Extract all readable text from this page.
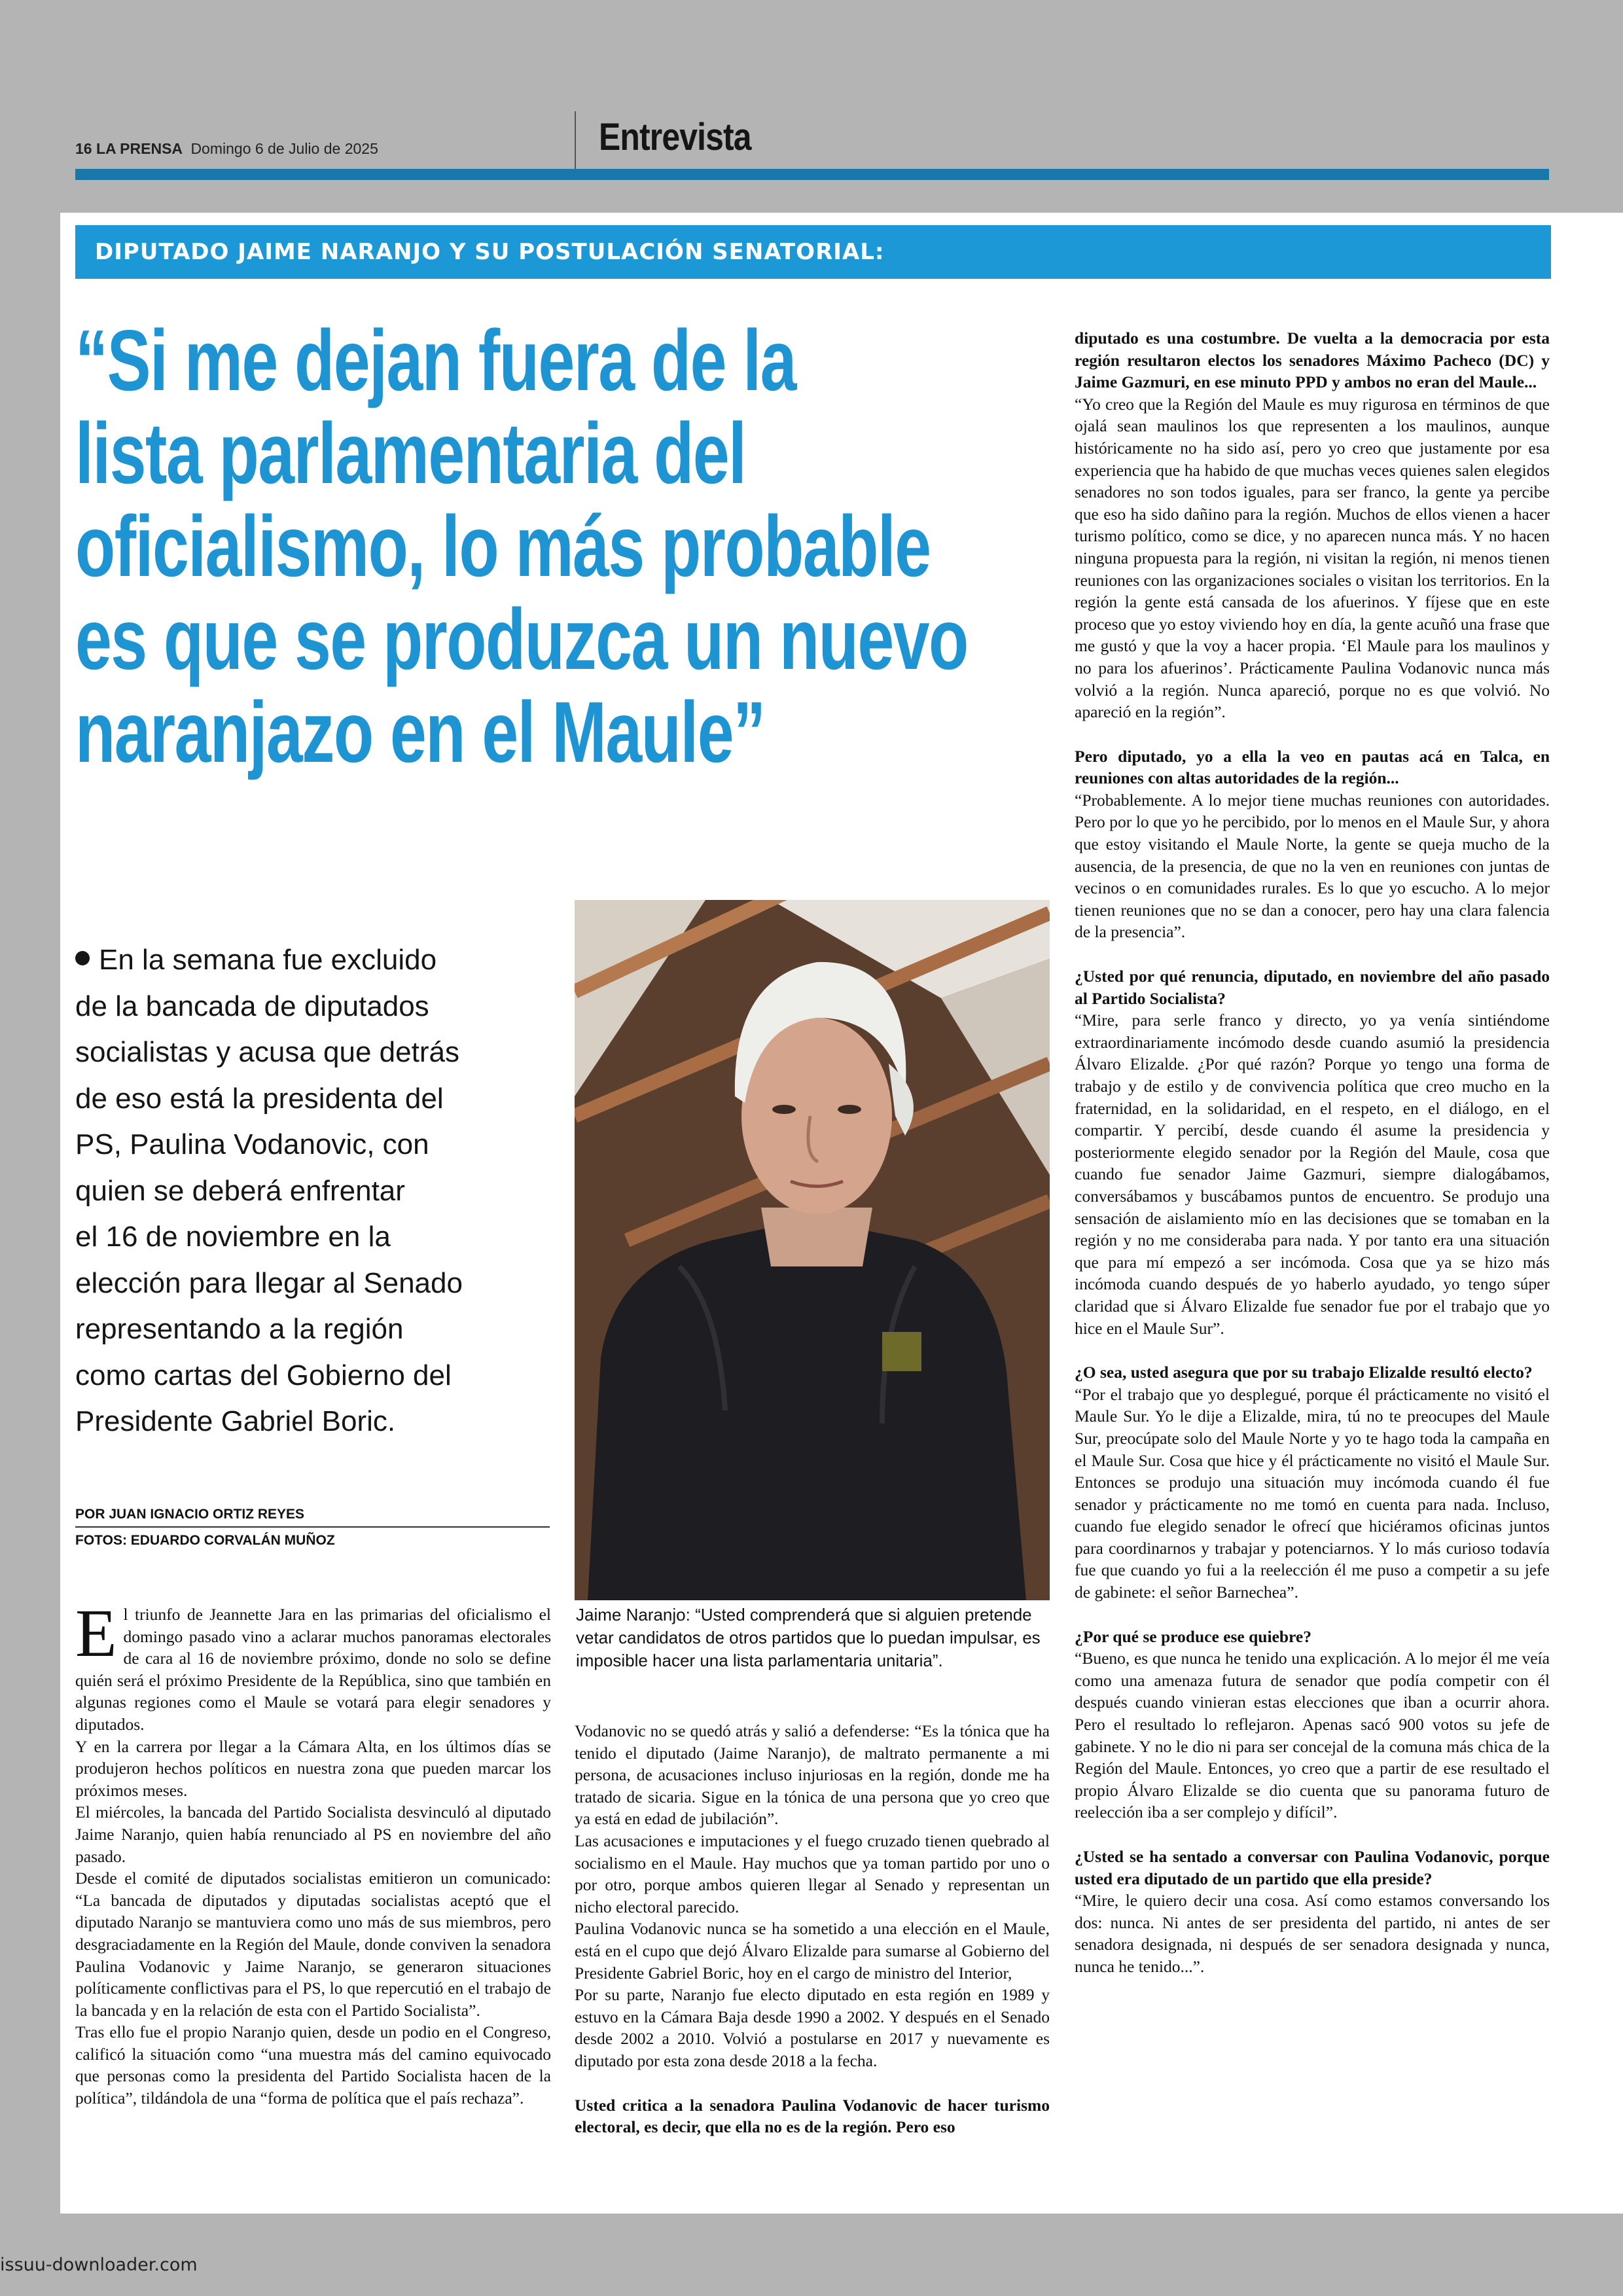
16 LA PRENSA Domingo 6 de Julio de 2025	Entrevista
DIPUTADO JAIME NARANJO Y SU POSTULACIÓN SENATORIAL:
“Si me dejan fuera de la
lista parlamentaria del
oficialismo, lo más probable
es que se produzca un nuevo
naranjazo en el Maule”
En la semana fue excluido
de la bancada de diputados
socialistas y acusa que detrás
de eso está la presidenta del
PS, Paulina Vodanovic, con
quien se deberá enfrentar
el 16 de noviembre en la
elección para llegar al Senado
representando a la región
como cartas del Gobierno del
Presidente Gabriel Boric.
POR JUAN IGNACIO ORTIZ REYES
FOTOS: EDUARDO CORVALÁN MUÑOZ
Jaime Naranjo: “Usted comprenderá que si alguien pretende vetar candidatos de otros partidos que lo puedan impulsar, es imposible hacer una lista parlamentaria unitaria”.

El triunfo de Jeannette Jara en las primarias del oficialismo el domingo pasado vino a aclarar muchos panoramas electorales de cara al 16 de noviembre próximo, donde no solo se define quién será el próximo Presidente de la República, sino que también en algunas regiones como el Maule se votará para elegir senadores y diputados.

Y en la carrera por llegar a la Cámara Alta, en los últimos días se produjeron hechos políticos en nuestra zona que pueden marcar los próximos meses.

El miércoles, la bancada del Partido Socialista desvinculó al diputado Jaime Naranjo, quien había renunciado al PS en noviembre del año pasado.

Desde el comité de diputados socialistas emitieron un comunicado: “La bancada de diputados y diputadas socialistas aceptó que el diputado Naranjo se mantuviera como uno más de sus miembros, pero desgraciadamente en la Región del Maule, donde conviven la senadora Paulina Vodanovic y Jaime Naranjo, se generaron situaciones políticamente conflictivas para el PS, lo que repercutió en el trabajo de la bancada y en la relación de esta con el Partido Socialista”.

Tras ello fue el propio Naranjo quien, desde un podio en el Congreso, calificó la situación como “una muestra más del camino equivocado que personas como la presidenta del Partido Socialista hacen de la política”, tildándola de una “forma de política que el país rechaza”.

Vodanovic no se quedó atrás y salió a defenderse: “Es la tónica que ha tenido el diputado (Jaime Naranjo), de maltrato permanente a mi persona, de acusaciones incluso injuriosas en la región, donde me ha tratado de sicaria. Sigue en la tónica de una persona que yo creo que ya está en edad de jubilación”.

Las acusaciones e imputaciones y el fuego cruzado tienen quebrado al socialismo en el Maule. Hay muchos que ya toman partido por uno o por otro, porque ambos quieren llegar al Senado y representan un nicho electoral parecido.

Paulina Vodanovic nunca se ha sometido a una elección en el Maule, está en el cupo que dejó Álvaro Elizalde para sumarse al Gobierno del Presidente Gabriel Boric, hoy en el cargo de ministro del Interior,

Por su parte, Naranjo fue electo diputado en esta región en 1989 y estuvo en la Cámara Baja desde 1990 a 2002. Y después en el Senado desde 2002 a 2010. Volvió a postularse en 2017 y nuevamente es diputado por esta zona desde 2018 a la fecha.

Usted critica a la senadora Paulina Vodanovic de hacer turismo electoral, es decir, que ella no es de la región. Pero eso

diputado es una costumbre. De vuelta a la democracia por esta región resultaron electos los senadores Máximo Pacheco (DC) y Jaime Gazmuri, en ese minuto PPD y ambos no eran del Maule...

“Yo creo que la Región del Maule es muy rigurosa en términos de que ojalá sean maulinos los que representen a los maulinos, aunque históricamente no ha sido así, pero yo creo que justamente por esa experiencia que ha habido de que muchas veces quienes salen elegidos senadores no son todos iguales, para ser franco, la gente ya percibe que eso ha sido dañino para la región. Muchos de ellos vienen a hacer turismo político, como se dice, y no aparecen nunca más. Y no hacen ninguna propuesta para la región, ni visitan la región, ni menos tienen reuniones con las organizaciones sociales o visitan los territorios. En la región la gente está cansada de los afuerinos. Y fíjese que en este proceso que yo estoy viviendo hoy en día, la gente acuñó una frase que me gustó y que la voy a hacer propia. ‘El Maule para los maulinos y no para los afuerinos’. Prácticamente Paulina Vodanovic nunca más volvió a la región. Nunca apareció, porque no es que volvió. No apareció en la región”.

Pero diputado, yo a ella la veo en pautas acá en Talca, en reuniones con altas autoridades de la región...

“Probablemente. A lo mejor tiene muchas reuniones con autoridades. Pero por lo que yo he percibido, por lo menos en el Maule Sur, y ahora que estoy visitando el Maule Norte, la gente se queja mucho de la ausencia, de la presencia, de que no la ven en reuniones con juntas de vecinos o en comunidades rurales. Es lo que yo escucho. A lo mejor tienen reuniones que no se dan a conocer, pero hay una clara falencia de la presencia”.

¿Usted por qué renuncia, diputado, en noviembre del año pasado al Partido Socialista?

“Mire, para serle franco y directo, yo ya venía sintiéndome extraordinariamente incómodo desde cuando asumió la presidencia Álvaro Elizalde. ¿Por qué razón? Porque yo tengo una forma de trabajo y de estilo y de convivencia política que creo mucho en la fraternidad, en la solidaridad, en el respeto, en el diálogo, en el compartir. Y percibí, desde cuando él asume la presidencia y posteriormente elegido senador por la Región del Maule, cosa que cuando fue senador Jaime Gazmuri, siempre dialogábamos, conversábamos y buscábamos puntos de encuentro. Se produjo una sensación de aislamiento mío en las decisiones que se tomaban en la región y no me consideraba para nada. Y por tanto era una situación que para mí empezó a ser incómoda. Cosa que ya se hizo más incómoda cuando después de yo haberlo ayudado, yo tengo súper claridad que si Álvaro Elizalde fue senador fue por el trabajo que yo hice en el Maule Sur”.

¿O sea, usted asegura que por su trabajo Elizalde resultó electo?

“Por el trabajo que yo desplegué, porque él prácticamente no visitó el Maule Sur. Yo le dije a Elizalde, mira, tú no te preocupes del Maule Sur, preocúpate solo del Maule Norte y yo te hago toda la campaña en el Maule Sur. Cosa que hice y él prácticamente no visitó el Maule Sur. Entonces se produjo una situación muy incómoda cuando él fue senador y prácticamente no me tomó en cuenta para nada. Incluso, cuando fue elegido senador le ofrecí que hiciéramos oficinas juntos para coordinarnos y trabajar y potenciarnos. Y lo más curioso todavía fue que cuando yo fui a la reelección él me puso a competir a su jefe de gabinete: el señor Barnechea”.

¿Por qué se produce ese quiebre?

“Bueno, es que nunca he tenido una explicación. A lo mejor él me veía como una amenaza futura de senador que podía competir con él después cuando vinieran estas elecciones que iban a ocurrir ahora. Pero el resultado lo reflejaron. Apenas sacó 900 votos su jefe de gabinete. Y no le dio ni para ser concejal de la comuna más chica de la Región del Maule. Entonces, yo creo que a partir de ese resultado el propio Álvaro Elizalde se dio cuenta que su panorama futuro de reelección iba a ser complejo y difícil”.

¿Usted se ha sentado a conversar con Paulina Vodanovic, porque usted era diputado de un partido que ella preside?

“Mire, le quiero decir una cosa. Así como estamos conversando los dos: nunca. Ni antes de ser presidenta del partido, ni antes de ser senadora designada, ni después de ser senadora designada y nunca, nunca he tenido...”.

issuu-downloader.com
